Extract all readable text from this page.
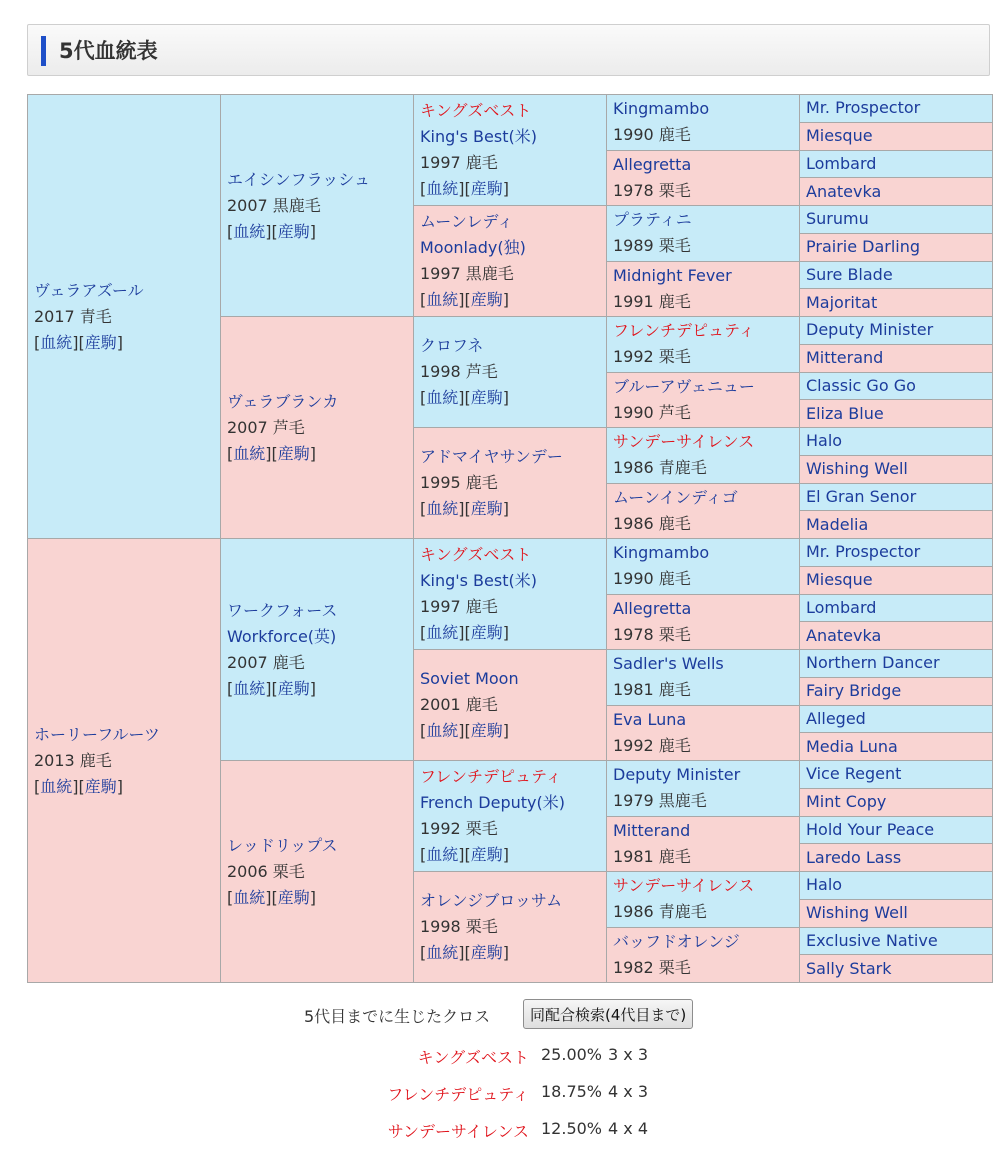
5代血統表
ヴェラアズール
2017 青毛
[血統][産駒]	エイシンフラッシュ
2007 黒鹿毛
[血統][産駒]	キングズベスト
King's Best(米)
1997 鹿毛
[血統][産駒]	Kingmambo
1990 鹿毛	Mr. Prospector

				Miesque

			Allegretta
1978 栗毛	Lombard

				Anatevka

		ムーンレディ
Moonlady(独)
1997 黒鹿毛
[血統][産駒]	プラティニ
1989 栗毛	Surumu

				Prairie Darling

			Midnight Fever
1991 鹿毛	Sure Blade

				Majoritat

	ヴェラブランカ
2007 芦毛
[血統][産駒]	クロフネ
1998 芦毛
[血統][産駒]	フレンチデピュティ
1992 栗毛	Deputy Minister

				Mitterand

			ブルーアヴェニュー
1990 芦毛	Classic Go Go

				Eliza Blue

		アドマイヤサンデー
1995 鹿毛
[血統][産駒]	サンデーサイレンス
1986 青鹿毛	Halo

				Wishing Well

			ムーンインディゴ
1986 鹿毛	El Gran Senor

				Madelia

ホーリーフルーツ
2013 鹿毛
[血統][産駒]	ワークフォース
Workforce(英)
2007 鹿毛
[血統][産駒]	キングズベスト
King's Best(米)
1997 鹿毛
[血統][産駒]	Kingmambo
1990 鹿毛	Mr. Prospector

				Miesque

			Allegretta
1978 栗毛	Lombard

				Anatevka

		Soviet Moon
2001 鹿毛
[血統][産駒]	Sadler's Wells
1981 鹿毛	Northern Dancer

				Fairy Bridge

			Eva Luna
1992 鹿毛	Alleged

				Media Luna

	レッドリップス
2006 栗毛
[血統][産駒]	フレンチデピュティ
French Deputy(米)
1992 栗毛
[血統][産駒]	Deputy Minister
1979 黒鹿毛	Vice Regent

				Mint Copy

			Mitterand
1981 鹿毛	Hold Your Peace

				Laredo Lass

		オレンジブロッサム
1998 栗毛
[血統][産駒]	サンデーサイレンス
1986 青鹿毛	Halo

				Wishing Well

			バッフドオレンジ
1982 栗毛	Exclusive Native

				Sally Stark
5代目までに生じたクロス	同配合検索(4代目まで)
キングズベスト 25.00% 3 x 3
フレンチデピュティ 18.75% 4 x 3
サンデーサイレンス 12.50% 4 x 4
